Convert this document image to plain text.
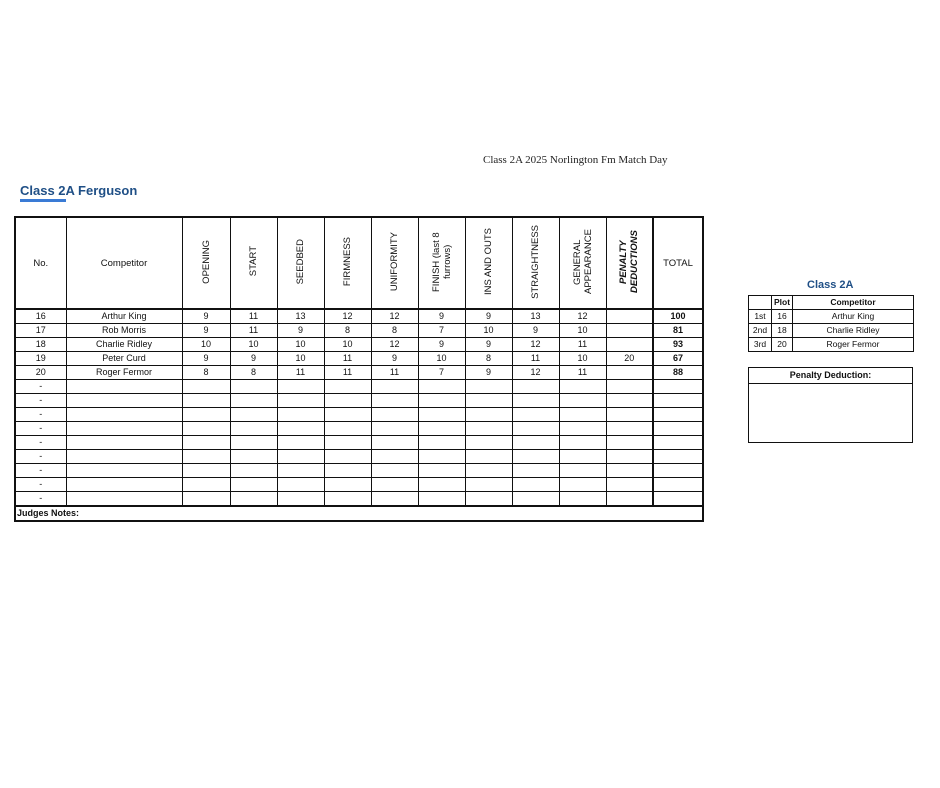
Class 2A 2025 Norlington Fm Match Day
Class 2A Ferguson
No.	Competitor	OPENING	START	SEEDBED	FIRMNESS	UNIFORMITY	FINISH (last 8 furrows)	INS AND OUTS	STRAIGHTNESS	GENERAL APPEARANCE	PENALTY DEDUCTIONS	TOTAL
16	Arthur King	9	11	13	12	12	9	9	13	12		100
17	Rob Morris	9	11	9	8	8	7	10	9	10		81
18	Charlie Ridley	10	10	10	10	12	9	9	12	11		93
19	Peter Curd	9	9	10	11	9	10	8	11	10	20	67
20	Roger Fermor	8	8	11	11	11	7	9	12	11		88
-												
-												
-												
-												
-												
-												
-												
-												
-												
Judges Notes:												
Class 2A
	Plot	Competitor
1st	16	Arthur King
2nd	18	Charlie Ridley
3rd	20	Roger Fermor
Penalty Deduction:
